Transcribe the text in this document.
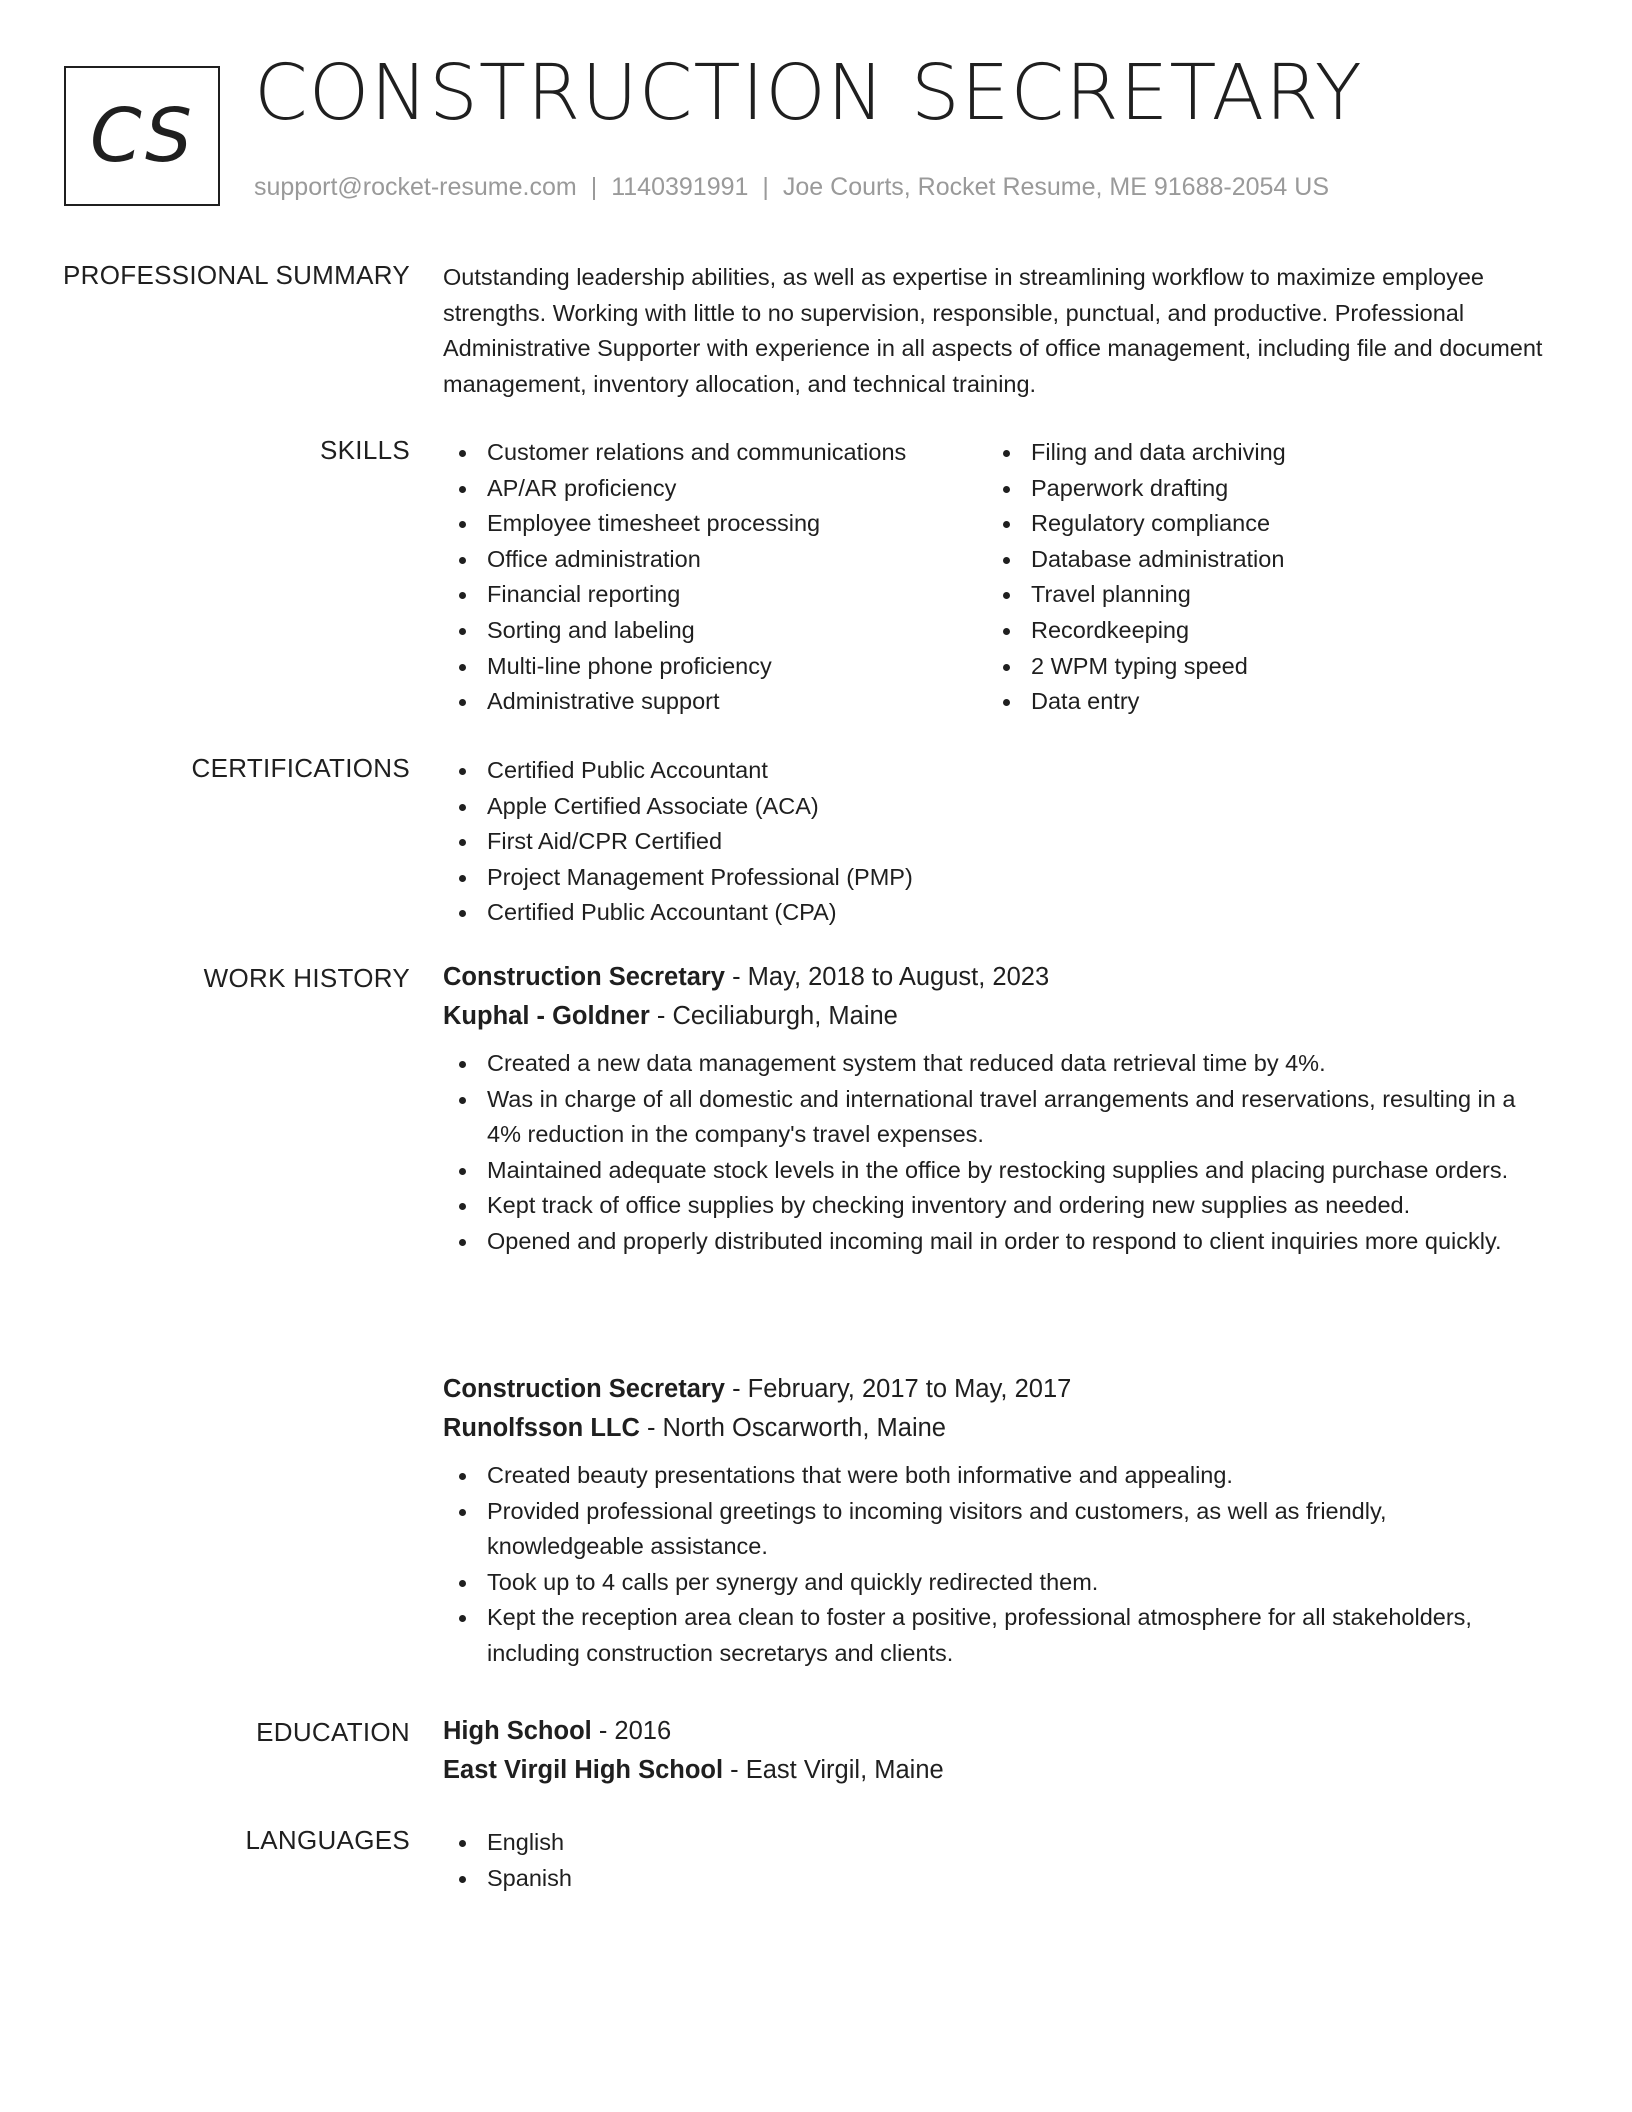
CS CONSTRUCTION SECRETARY
support@rocket-resume.com | 1140391991 | Joe Courts, Rocket Resume, ME 91688-2054 US
PROFESSIONAL SUMMARY Outstanding leadership abilities, as well as expertise in streamlining workflow to maximize employee strengths. Working with little to no supervision, responsible, punctual, and productive. Professional Administrative Supporter with experience in all aspects of office management, including file and document management, inventory allocation, and technical training.
SKILLS	Customer relations and communications
AP/AR proficiency
Employee timesheet processing
Office administration
Financial reporting
Sorting and labeling
Multi-line phone proficiency
Administrative support
Filing and data archiving
Paperwork drafting
Regulatory compliance
Database administration
Travel planning
Recordkeeping
2 WPM typing speed
Data entry
CERTIFICATIONS	Certified Public Accountant
Apple Certified Associate (ACA)
First Aid/CPR Certified
Project Management Professional (PMP)
Certified Public Accountant (CPA)
WORK HISTORY Construction Secretary - May, 2018 to August, 2023
Kuphal - Goldner - Ceciliaburgh, Maine
Created a new data management system that reduced data retrieval time by 4%.
Was in charge of all domestic and international travel arrangements and reservations, resulting in a 4% reduction in the company's travel expenses.
Maintained adequate stock levels in the office by restocking supplies and placing purchase orders.
Kept track of office supplies by checking inventory and ordering new supplies as needed.
Opened and properly distributed incoming mail in order to respond to client inquiries more quickly.
Construction Secretary - February, 2017 to May, 2017
Runolfsson LLC - North Oscarworth, Maine
Created beauty presentations that were both informative and appealing.
Provided professional greetings to incoming visitors and customers, as well as friendly, knowledgeable assistance.
Took up to 4 calls per synergy and quickly redirected them.
Kept the reception area clean to foster a positive, professional atmosphere for all stakeholders, including construction secretarys and clients.
EDUCATION High School - 2016
East Virgil High School - East Virgil, Maine
LANGUAGES	English
Spanish
